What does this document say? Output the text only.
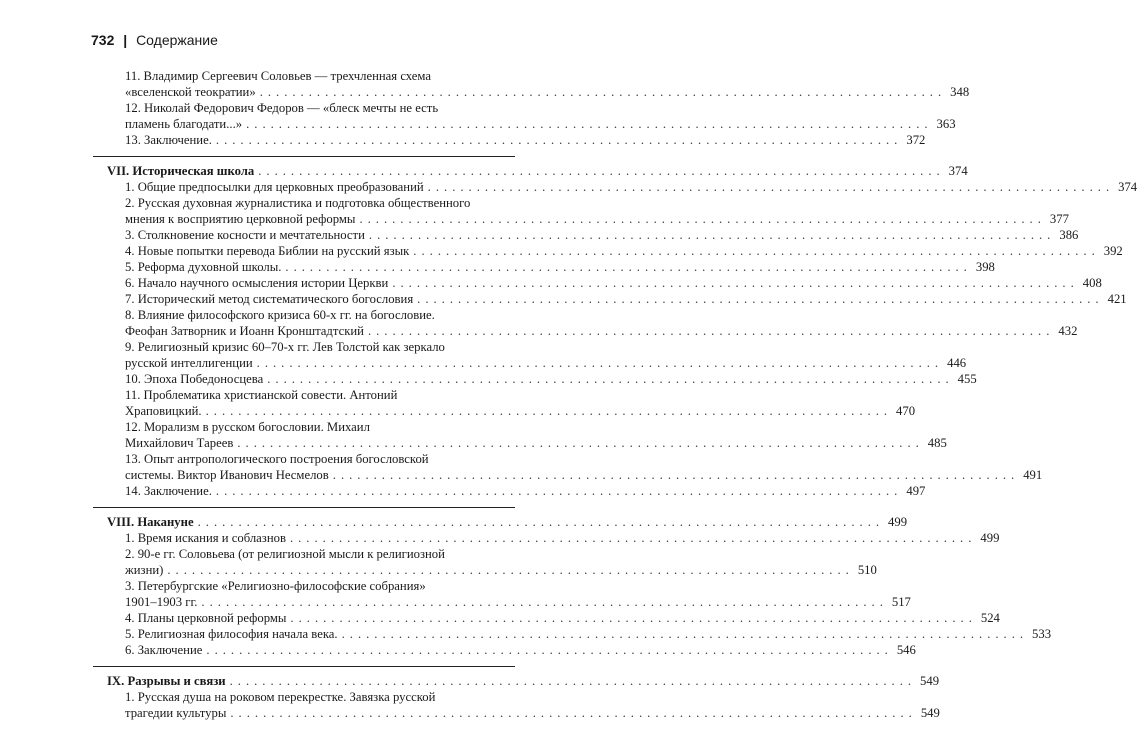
732 | Содержание
11. Владимир Сергеевич Соловьев — трехчленная схема
«вселенской теократии» .................................................................................... 348
12. Николай Федорович Федоров — «блеск мечты не есть
пламень благодати...» .................................................................................... 363
13. Заключение. .................................................................................... 372
VII. Историческая школа .................................................................................... 374
1. Общие предпосылки для церковных преобразований .................................................................................... 374
2. Русская духовная журналистика и подготовка общественного
мнения к восприятию церковной реформы .................................................................................... 377
3. Столкновение косности и мечтательности .................................................................................... 386
4. Новые попытки перевода Библии на русский язык .................................................................................... 392
5. Реформа духовной школы. .................................................................................... 398
6. Начало научного осмысления истории Церкви .................................................................................... 408
7. Исторический метод систематического богословия .................................................................................... 421
8. Влияние философского кризиса 60-х гг. на богословие.
Феофан Затворник и Иоанн Кронштадтский .................................................................................... 432
9. Религиозный кризис 60–70-х гг. Лев Толстой как зеркало
русской интеллигенции .................................................................................... 446
10. Эпоха Победоносцева .................................................................................... 455
11. Проблематика христианской совести. Антоний
Храповицкий. .................................................................................... 470
12. Морализм в русском богословии. Михаил
Михайлович Тареев .................................................................................... 485
13. Опыт антропологического построения богословской
системы. Виктор Иванович Несмелов .................................................................................... 491
14. Заключение. .................................................................................... 497
VIII. Накануне .................................................................................... 499
1. Время искания и соблазнов .................................................................................... 499
2. 90-е гг. Соловьева (от религиозной мысли к религиозной
жизни) .................................................................................... 510
3. Петербургские «Религиозно-философские собрания»
1901–1903 гг. .................................................................................... 517
4. Планы церковной реформы .................................................................................... 524
5. Религиозная философия начала века. .................................................................................... 533
6. Заключение .................................................................................... 546
IX. Разрывы и связи .................................................................................... 549
1. Русская душа на роковом перекрестке. Завязка русской
трагедии культуры .................................................................................... 549
